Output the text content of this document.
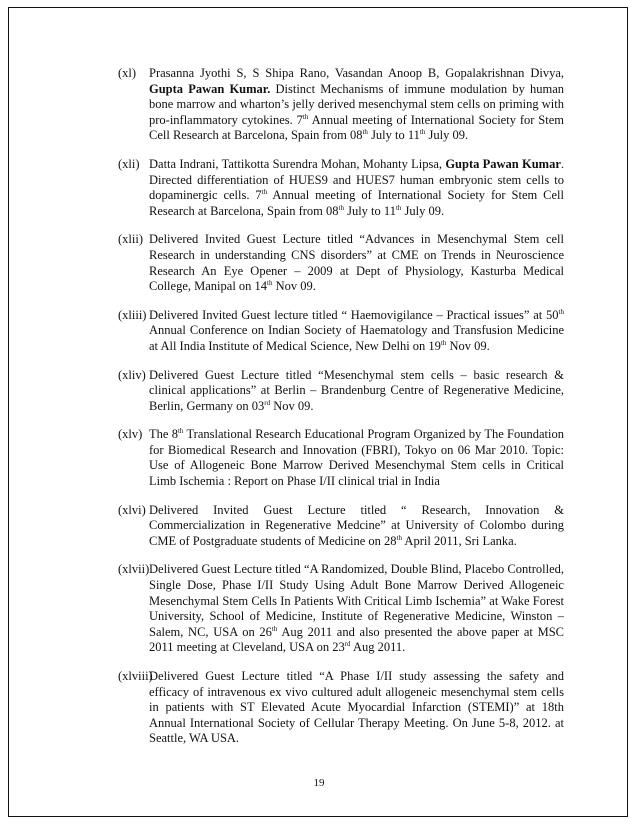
(xl)	Prasanna Jyothi S, S Shipa Rano, Vasandan Anoop B, Gopalakrishnan Divya, Gupta Pawan Kumar. Distinct Mechanisms of immune modulation by human bone marrow and wharton’s jelly derived mesenchymal stem cells on priming with pro-inflammatory cytokines. 7th Annual meeting of International Society for Stem Cell Research at Barcelona, Spain from 08th July to 11th July 09.
(xli) Datta Indrani, Tattikotta Surendra Mohan, Mohanty Lipsa, Gupta Pawan Kumar. Directed differentiation of HUES9 and HUES7 human embryonic stem cells to dopaminergic cells. 7th Annual meeting of International Society for Stem Cell Research at Barcelona, Spain from 08th July to 11th July 09.
(xlii) Delivered Invited Guest Lecture titled “Advances in Mesenchymal Stem cell Research in understanding CNS disorders” at CME on Trends in Neuroscience Research An Eye Opener – 2009 at Dept of Physiology, Kasturba Medical College, Manipal on 14th Nov 09.
(xliii) Delivered Invited Guest lecture titled “ Haemovigilance – Practical issues” at 50th Annual Conference on Indian Society of Haematology and Transfusion Medicine at All India Institute of Medical Science, New Delhi on 19th Nov 09.
(xliv) Delivered Guest Lecture titled “Mesenchymal stem cells – basic research & clinical applications” at Berlin – Brandenburg Centre of Regenerative Medicine, Berlin, Germany on 03rd Nov 09.
(xlv) The 8th Translational Research Educational Program Organized by The Foundation for Biomedical Research and Innovation (FBRI), Tokyo on 06 Mar 2010. Topic: Use of Allogeneic Bone Marrow Derived Mesenchymal Stem cells in Critical Limb Ischemia : Report on Phase I/II clinical trial in India
(xlvi) Delivered Invited Guest Lecture titled “ Research, Innovation & Commercialization in Regenerative Medcine” at University of Colombo during CME of Postgraduate students of Medicine on 28th April 2011, Sri Lanka.
(xlvii) Delivered Guest Lecture titled “A Randomized, Double Blind, Placebo Controlled, Single Dose, Phase I/II Study Using Adult Bone Marrow Derived Allogeneic Mesenchymal Stem Cells In Patients With Critical Limb Ischemia” at Wake Forest University, School of Medicine, Institute of Regenerative Medicine, Winston – Salem, NC, USA on 26th Aug 2011 and also presented the above paper at MSC 2011 meeting at Cleveland, USA on 23rd Aug 2011.
(xlviii)
Delivered Guest Lecture titled “A Phase I/II study assessing the safety and efficacy of intravenous ex vivo cultured adult allogeneic mesenchymal stem cells in patients with ST Elevated Acute Myocardial Infarction (STEMI)” at 18th Annual International Society of Cellular Therapy Meeting. On June 5-8, 2012. at Seattle, WA USA.
19
